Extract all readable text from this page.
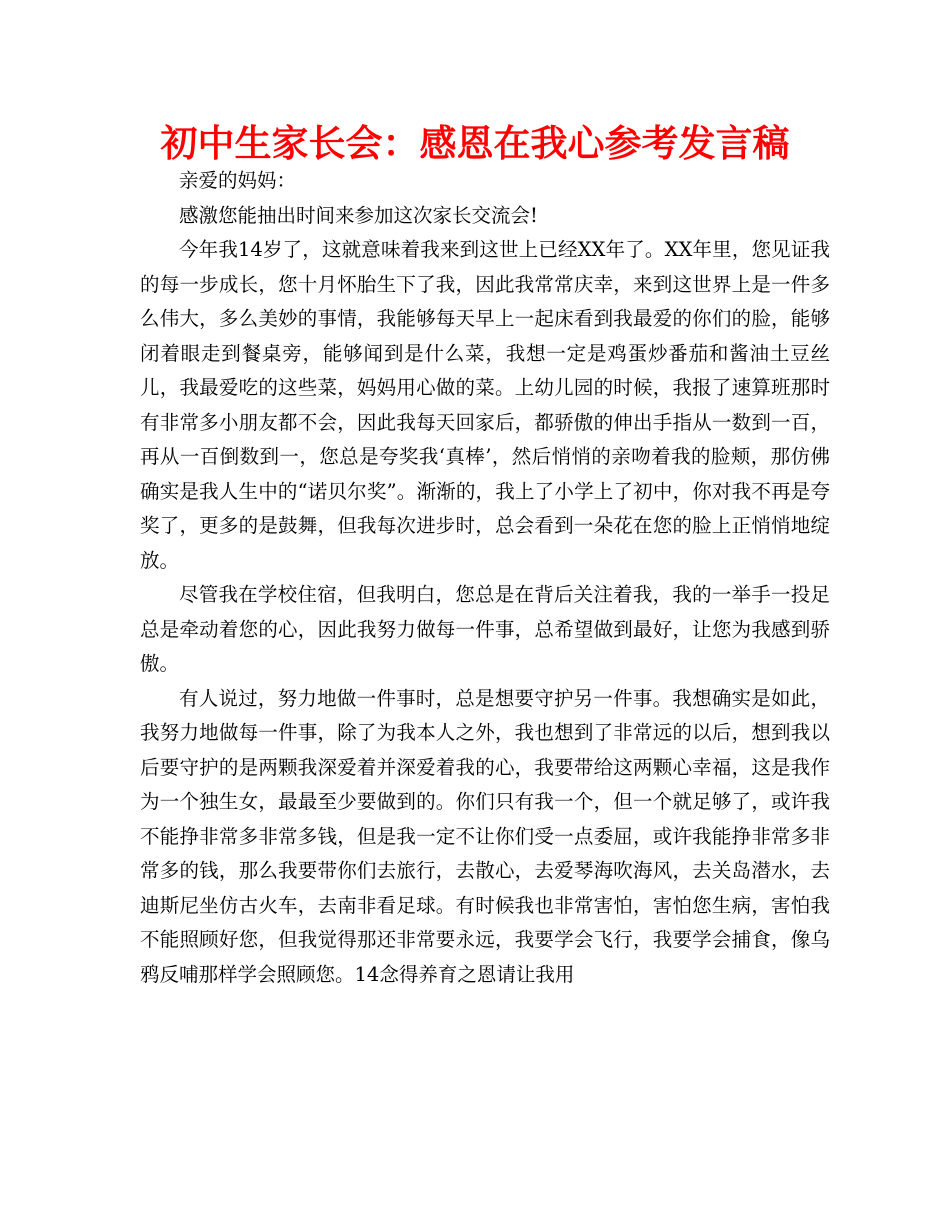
初中生家长会：感恩在我心参考发言稿

亲爱的妈妈：

感激您能抽出时间来参加这次家长交流会!

今年我14岁了，这就意味着我来到这世上已经XX年了。XX年里，您见证我的每一步成长，您十月怀胎生下了我，因此我常常庆幸，来到这世界上是一件多么伟大，多么美妙的事情，我能够每天早上一起床看到我最爱的你们的脸，能够闭着眼走到餐桌旁，能够闻到是什么菜，我想一定是鸡蛋炒番茄和酱油土豆丝儿，我最爱吃的这些菜，妈妈用心做的菜。上幼儿园的时候，我报了速算班那时有非常多小朋友都不会，因此我每天回家后，都骄傲的伸出手指从一数到一百，再从一百倒数到一，您总是夸奖我‘真棒’，然后悄悄的亲吻着我的脸颊，那仿佛确实是我人生中的“诺贝尔奖”。渐渐的，我上了小学上了初中，你对我不再是夸奖了，更多的是鼓舞，但我每次进步时，总会看到一朵花在您的脸上正悄悄地绽放。

尽管我在学校住宿，但我明白，您总是在背后关注着我，我的一举手一投足总是牵动着您的心，因此我努力做每一件事，总希望做到最好，让您为我感到骄傲。

有人说过，努力地做一件事时，总是想要守护另一件事。我想确实是如此，我努力地做每一件事，除了为我本人之外，我也想到了非常远的以后，想到我以后要守护的是两颗我深爱着并深爱着我的心，我要带给这两颗心幸福，这是我作为一个独生女，最最至少要做到的。你们只有我一个，但一个就足够了，或许我不能挣非常多非常多钱，但是我一定不让你们受一点委屈，或许我能挣非常多非常多的钱，那么我要带你们去旅行，去散心，去爱琴海吹海风，去关岛潜水，去迪斯尼坐仿古火车，去南非看足球。有时候我也非常害怕，害怕您生病，害怕我不能照顾好您，但我觉得那还非常要永远，我要学会飞行，我要学会捕食，像乌鸦反哺那样学会照顾您。14念得养育之恩请让我用
